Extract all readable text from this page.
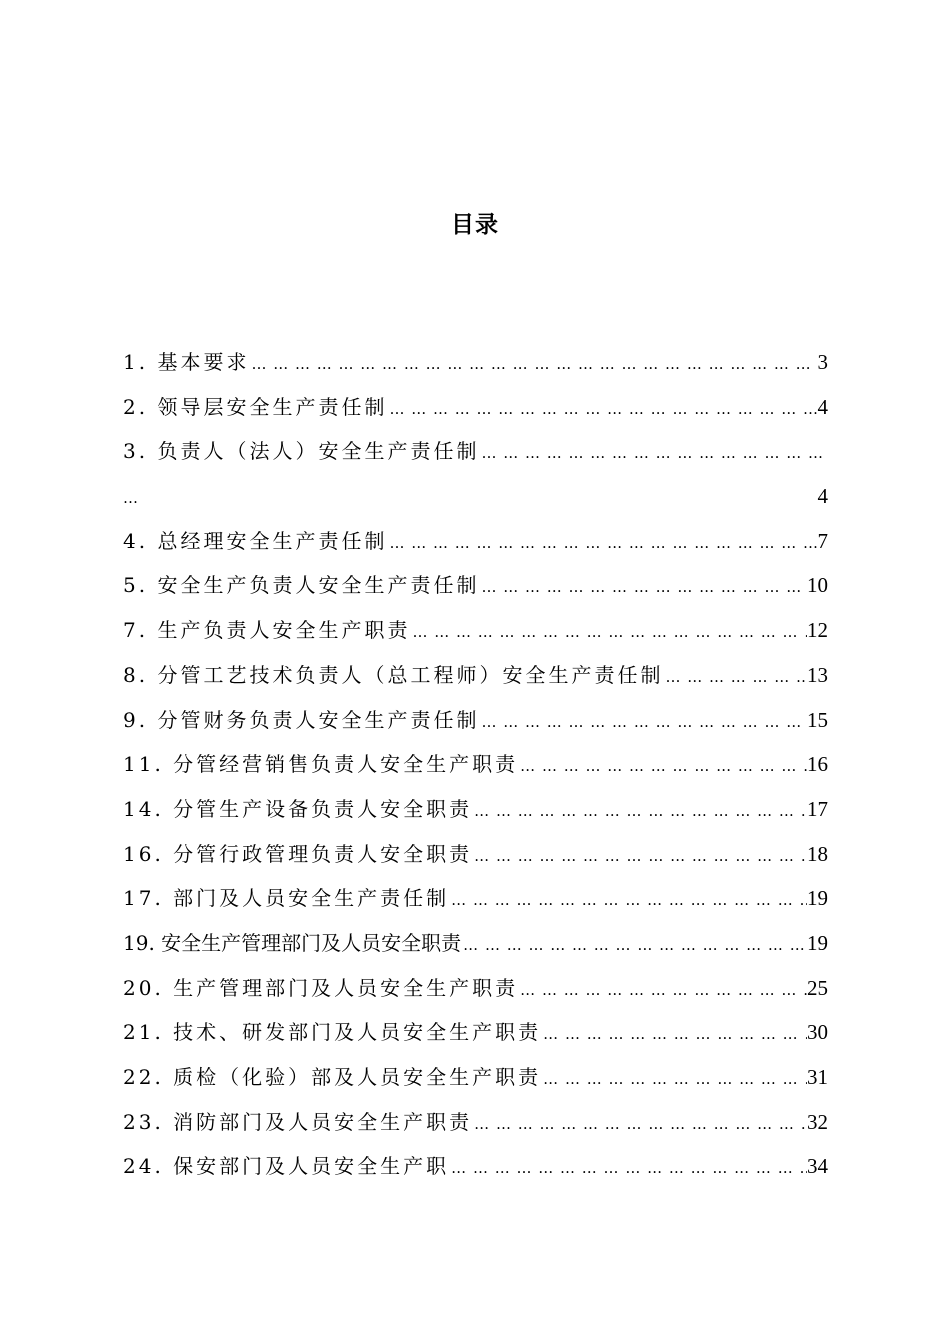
目录
1. 基本要求 … … … … … … … … … … … … … … … … … … … … … … … … … … … … … … … … … … … … … … … … … …	3
2. 领导层安全生产责任制 … … … … … … … … … … … … … … … … … … … … … … … … … … … … … … … … … … … … … … … … … …	4
3. 负责人（法人）安全生产责任制
… … … … … … … … … … … … … … … … … … … … … … … … … … … … … … … … … … … … … … … … … …
…	4
4. 总经理安全生产责任制 … … … … … … … … … … … … … … … … … … … … … … … … … … … … … … … … … … … … … … … … … …	7
5. 安全生产负责人安全生产责任制 … … … … … … … … … … … … … … … … … … … … … … … … … … … … … … … … … … … … … … … … … …	10
7. 生产负责人安全生产职责 … … … … … … … … … … … … … … … … … … … … … … … … … … … … … … … … … … … … … … … … … …	12
8. 分管工艺技术负责人（总工程师）安全生产责任制 … … … … … … … … … … … … … … … … … … … … … … … … … … … … … … … … … … … … … … … … … …	13
9. 分管财务负责人安全生产责任制 … … … … … … … … … … … … … … … … … … … … … … … … … … … … … … … … … … … … … … … … … …	15
11. 分管经营销售负责人安全生产职责 … … … … … … … … … … … … … … … … … … … … … … … … … … … … … … … … … … … … … … … … … …	16
14. 分管生产设备负责人安全职责 … … … … … … … … … … … … … … … … … … … … … … … … … … … … … … … … … … … … … … … … … …	17
16. 分管行政管理负责人安全职责 … … … … … … … … … … … … … … … … … … … … … … … … … … … … … … … … … … … … … … … … … …	18
17. 部门及人员安全生产责任制 … … … … … … … … … … … … … … … … … … … … … … … … … … … … … … … … … … … … … … … … … …	19
19. 安全生产管理部门及人员安全职责 … … … … … … … … … … … … … … … … … … … … … … … … … … … … … … … … … … … … … … … … … …	19
20. 生产管理部门及人员安全生产职责 … … … … … … … … … … … … … … … … … … … … … … … … … … … … … … … … … … … … … … … … … …	25
21. 技术、研发部门及人员安全生产职责 … … … … … … … … … … … … … … … … … … … … … … … … … … … … … … … … … … … … … … … … … …	30
22. 质检（化验）部及人员安全生产职责 … … … … … … … … … … … … … … … … … … … … … … … … … … … … … … … … … … … … … … … … … …	31
23. 消防部门及人员安全生产职责 … … … … … … … … … … … … … … … … … … … … … … … … … … … … … … … … … … … … … … … … … …	32
24. 保安部门及人员安全生产职 … … … … … … … … … … … … … … … … … … … … … … … … … … … … … … … … … … … … … … … … … …	34
